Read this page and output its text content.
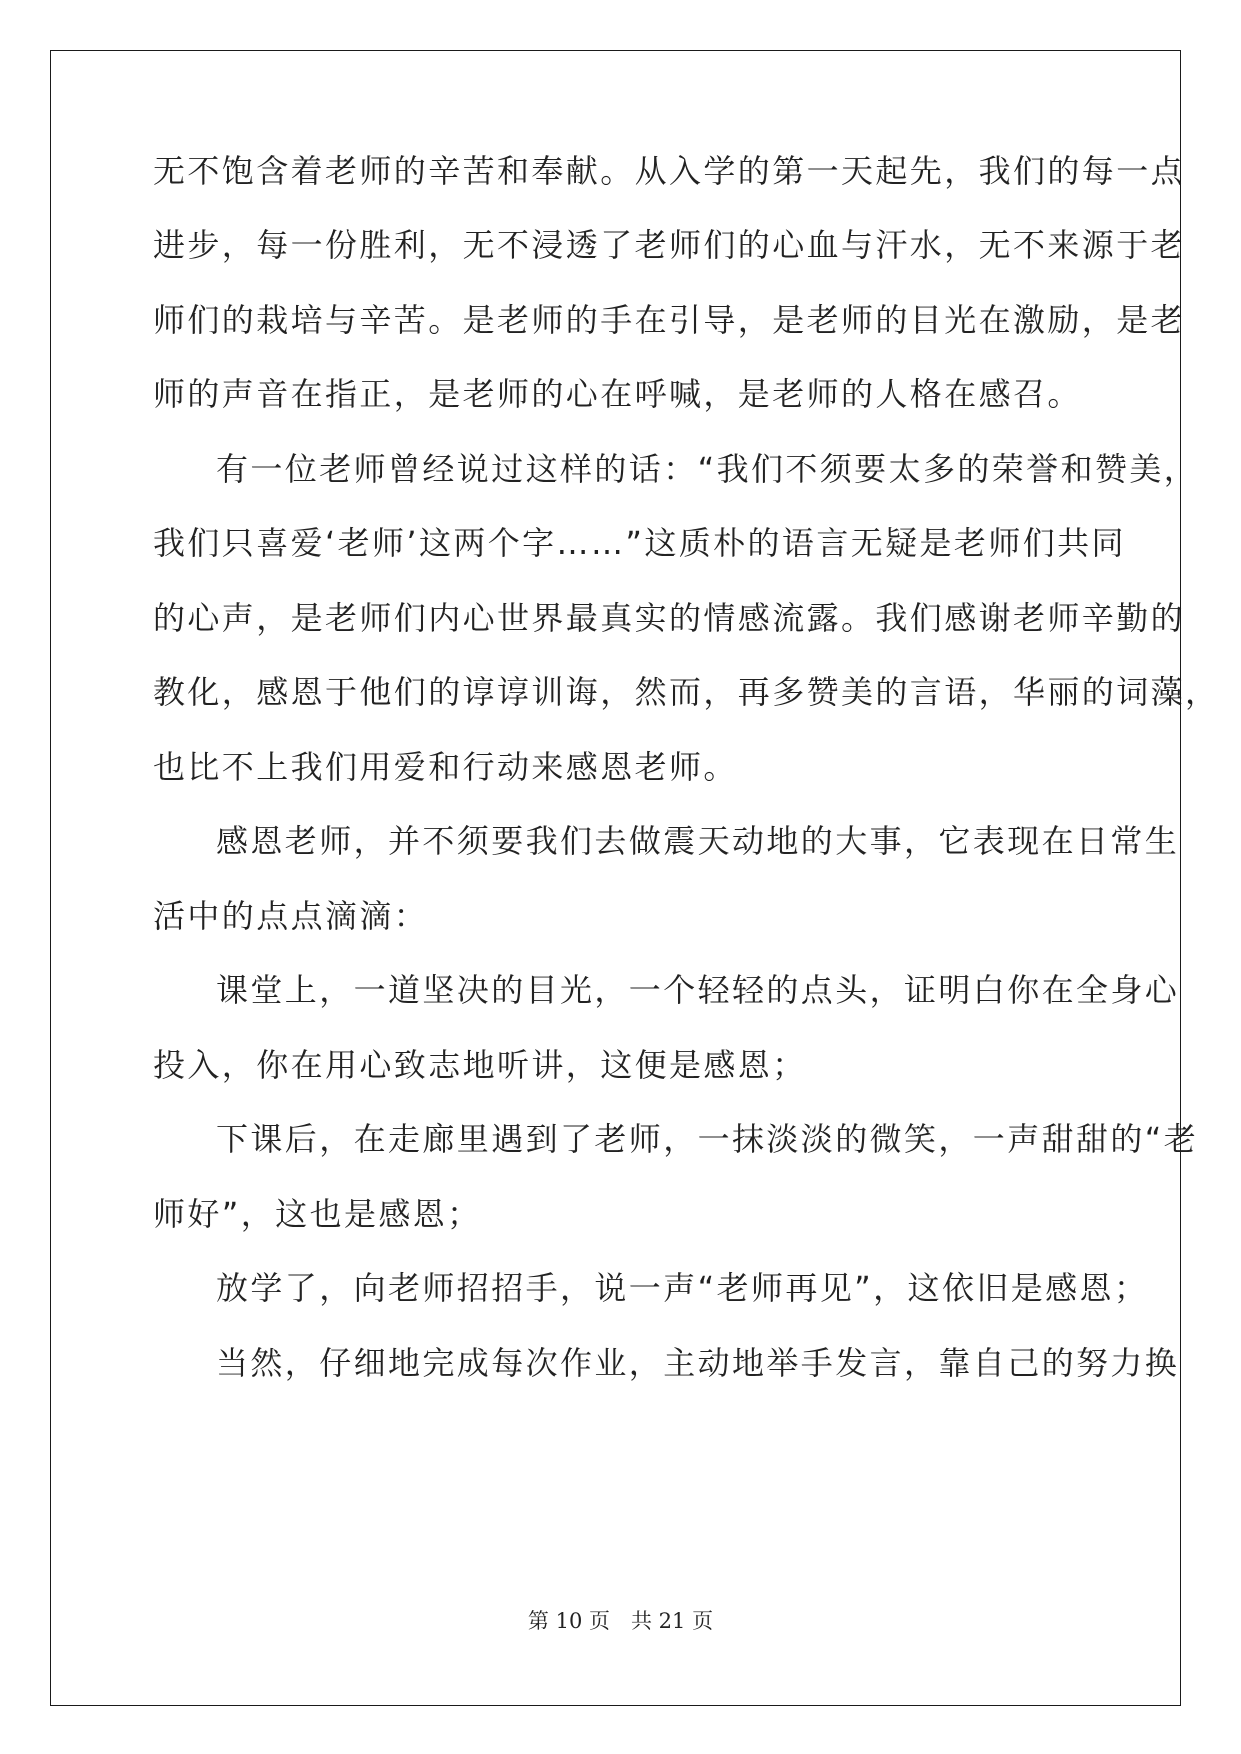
无不饱含着老师的辛苦和奉献。从入学的第一天起先，我们的每一点
进步，每一份胜利，无不浸透了老师们的心血与汗水，无不来源于老
师们的栽培与辛苦。是老师的手在引导，是老师的目光在激励，是老
师的声音在指正，是老师的心在呼喊，是老师的人格在感召。
有一位老师曾经说过这样的话：“我们不须要太多的荣誉和赞美，
我们只喜爱‘老师’这两个字……”这质朴的语言无疑是老师们共同
的心声，是老师们内心世界最真实的情感流露。我们感谢老师辛勤的
教化，感恩于他们的谆谆训诲，然而，再多赞美的言语，华丽的词藻，
也比不上我们用爱和行动来感恩老师。
感恩老师，并不须要我们去做震天动地的大事，它表现在日常生
活中的点点滴滴：
课堂上，一道坚决的目光，一个轻轻的点头，证明白你在全身心
投入，你在用心致志地听讲，这便是感恩；
下课后，在走廊里遇到了老师，一抹淡淡的微笑，一声甜甜的“老
师好”，这也是感恩；
放学了，向老师招招手，说一声“老师再见”，这依旧是感恩；
当然，仔细地完成每次作业，主动地举手发言，靠自己的努力换
第 10 页　共 21 页
